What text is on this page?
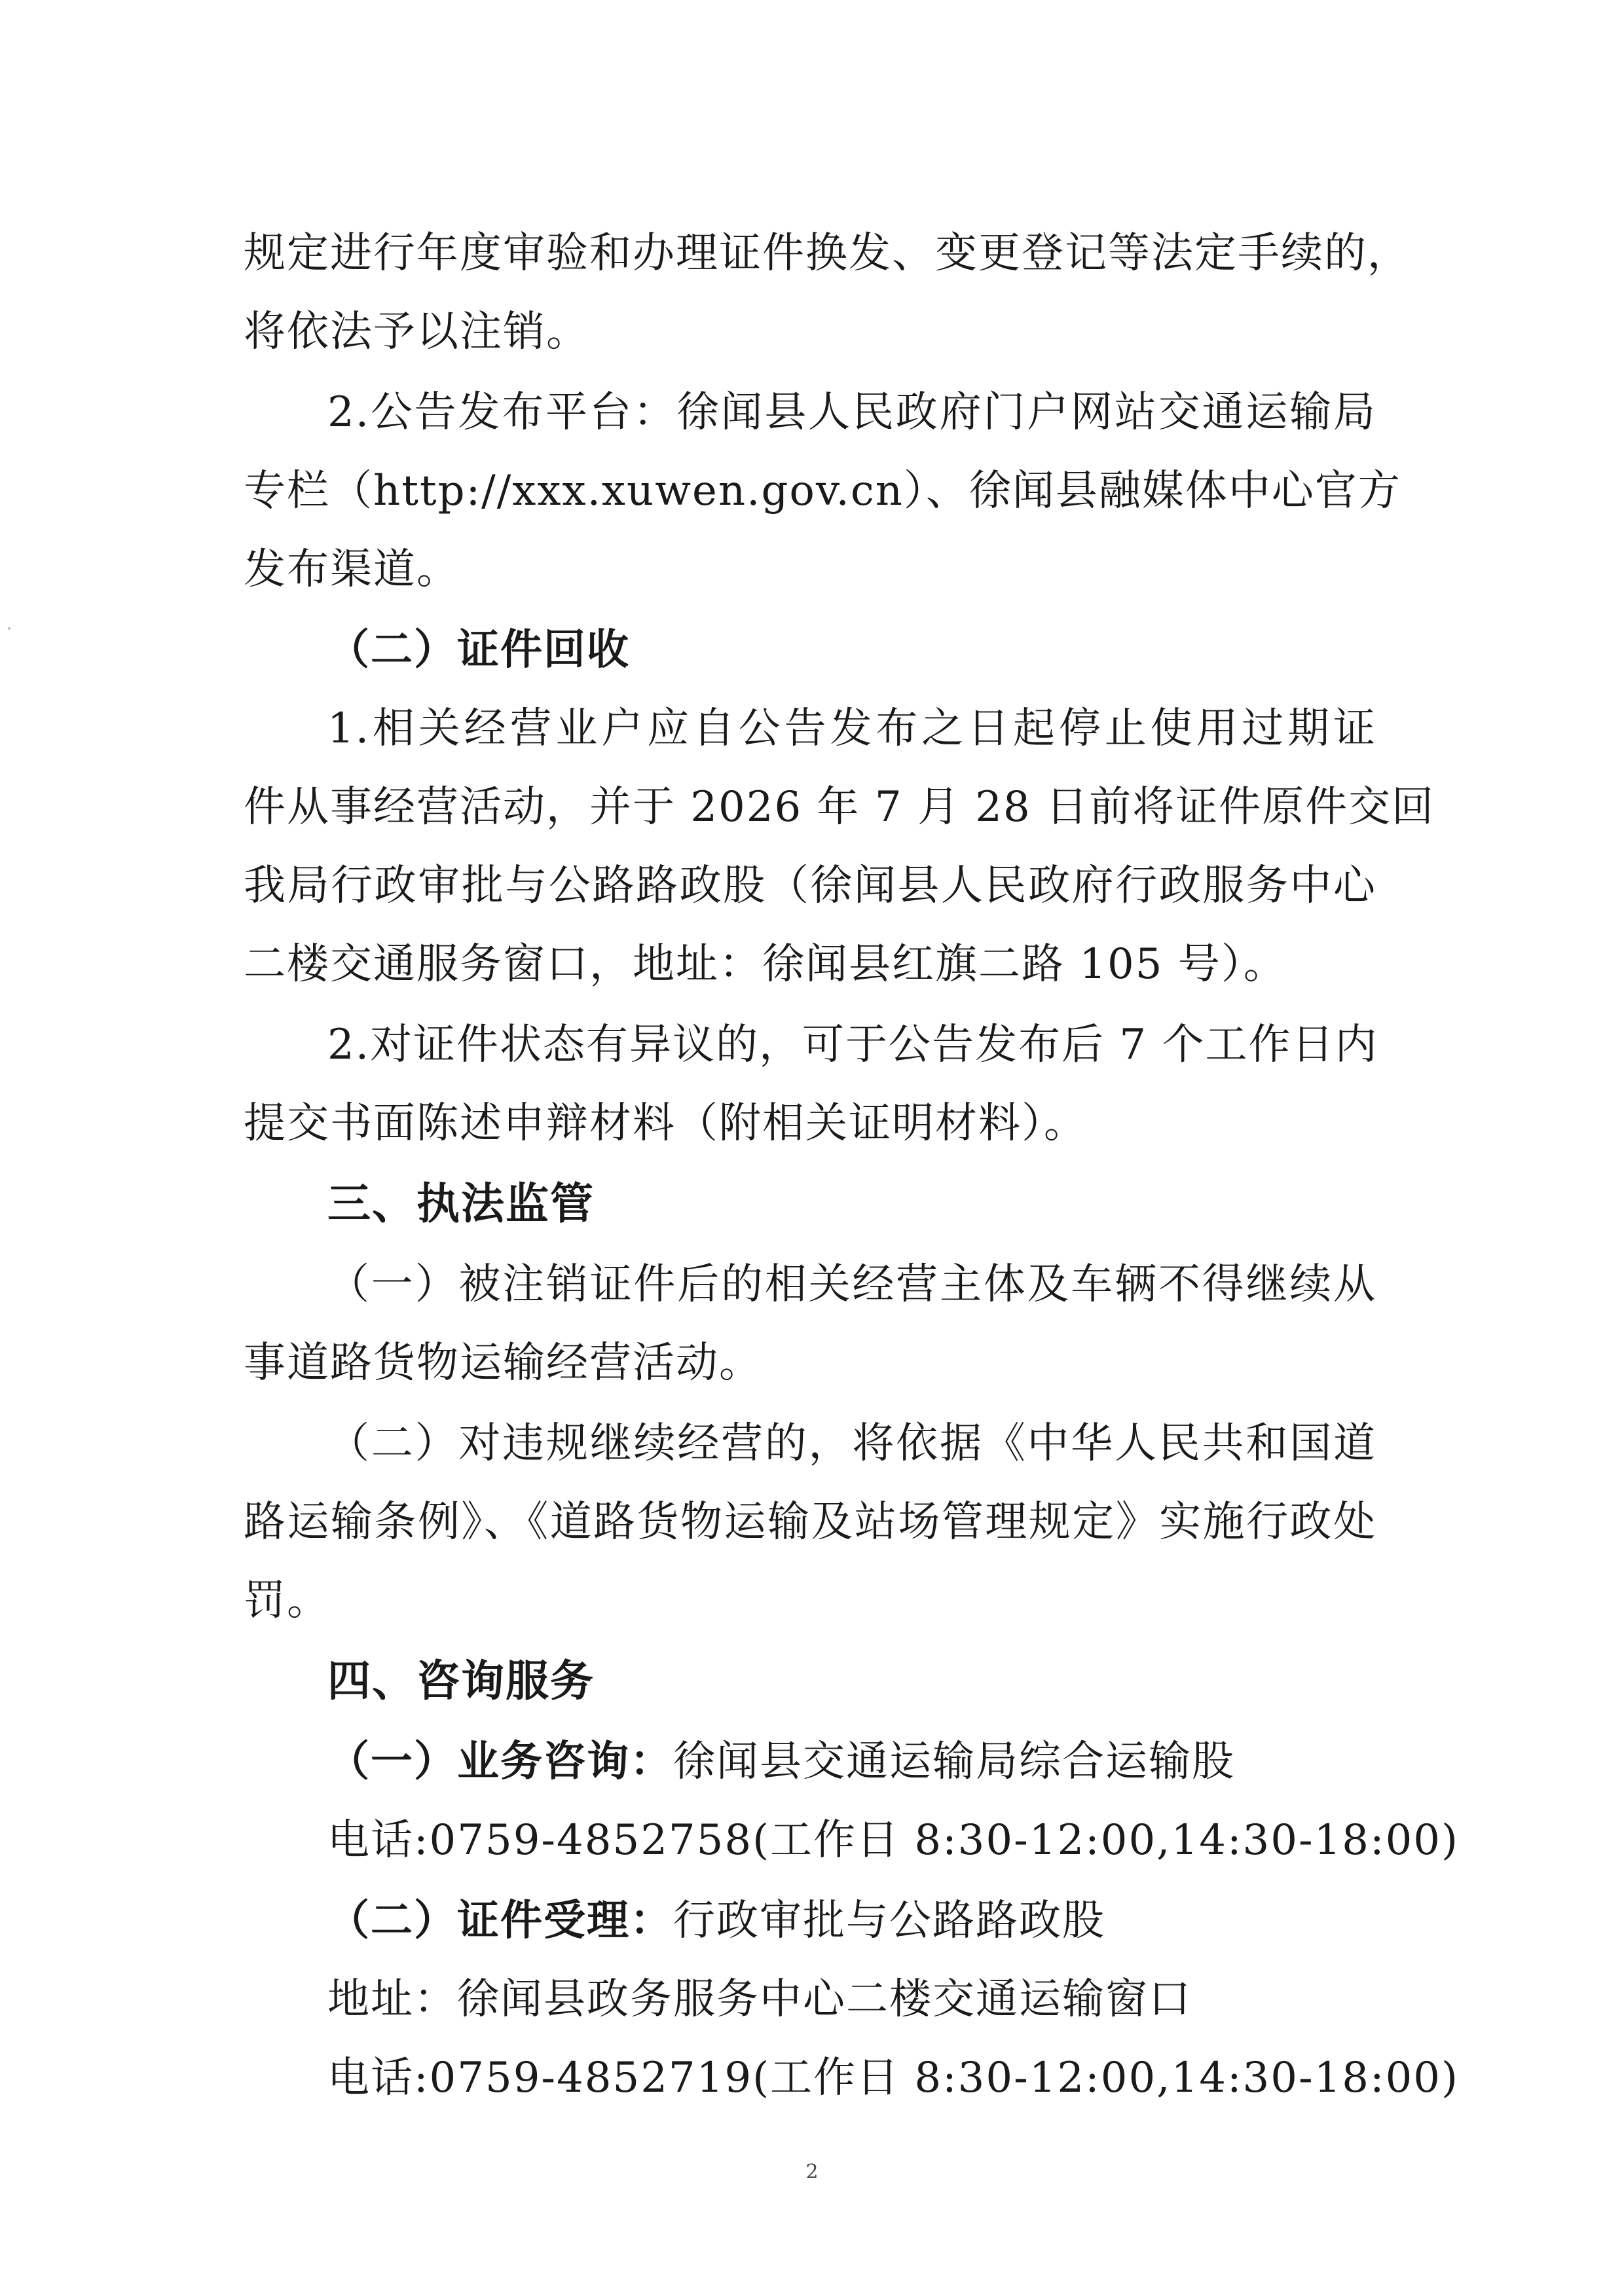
规定进行年度审验和办理证件换发、变更登记等法定手续的，
将依法予以注销。
2.公告发布平台：徐闻县人民政府门户网站交通运输局
专栏（http://xxx.xuwen.gov.cn）、徐闻县融媒体中心官方
发布渠道。
（二）证件回收
1.相关经营业户应自公告发布之日起停止使用过期证
件从事经营活动，并于 2026 年 7 月 28 日前将证件原件交回
我局行政审批与公路路政股（徐闻县人民政府行政服务中心
二楼交通服务窗口，地址：徐闻县红旗二路 105 号）。
2.对证件状态有异议的，可于公告发布后 7 个工作日内
提交书面陈述申辩材料（附相关证明材料）。
三、执法监管
（一）被注销证件后的相关经营主体及车辆不得继续从
事道路货物运输经营活动。
（二）对违规继续经营的，将依据《中华人民共和国道
路运输条例》、《道路货物运输及站场管理规定》实施行政处
罚。
四、咨询服务
（一）业务咨询：徐闻县交通运输局综合运输股
电话:0759-4852758(工作日 8:30-12:00,14:30-18:00)
（二）证件受理：行政审批与公路路政股
地址：徐闻县政务服务中心二楼交通运输窗口
电话:0759-4852719(工作日 8:30-12:00,14:30-18:00)
2
